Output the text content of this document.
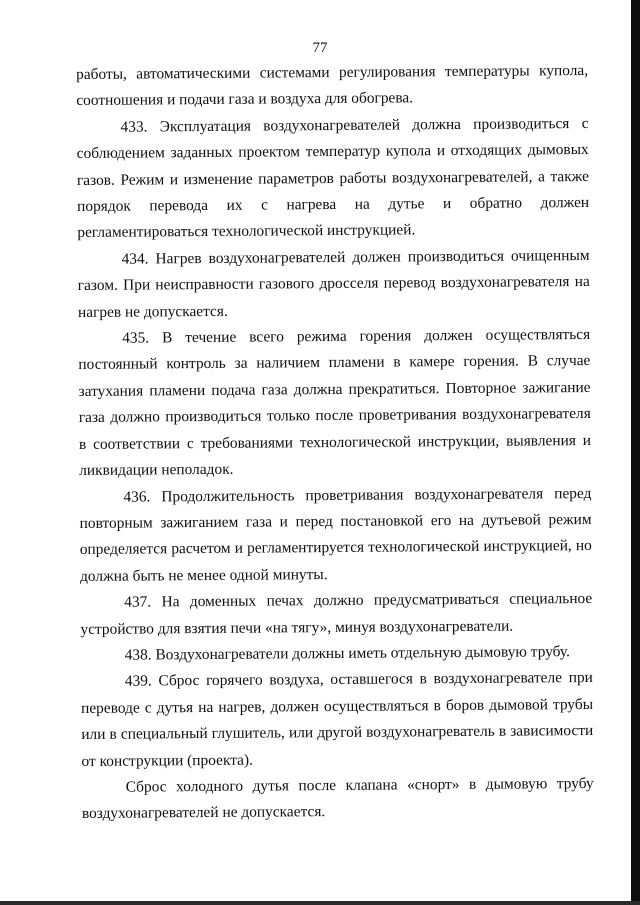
77

работы, автоматическими системами регулирования температуры купола, соотношения и подачи газа и воздуха для обогрева.

433. Эксплуатация воздухонагревателей должна производиться с соблюдением заданных проектом температур купола и отходящих дымовых газов. Режим и изменение параметров работы воздухонагревателей, а также порядок перевода их с нагрева на дутье и обратно должен регламентироваться технологической инструкцией.

434. Нагрев воздухонагревателей должен производиться очищенным газом. При неисправности газового дросселя перевод воздухонагревателя на нагрев не допускается.

435. В течение всего режима горения должен осуществляться постоянный контроль за наличием пламени в камере горения. В случае затухания пламени подача газа должна прекратиться. Повторное зажигание газа должно производиться только после проветривания воздухонагревателя в соответствии с требованиями технологической инструкции, выявления и ликвидации неполадок.

436. Продолжительность проветривания воздухонагревателя перед повторным зажиганием газа и перед постановкой его на дутьевой режим определяется расчетом и регламентируется технологической инструкцией, но должна быть не менее одной минуты.

437. На доменных печах должно предусматриваться специальное устройство для взятия печи «на тягу», минуя воздухонагреватели.

438. Воздухонагреватели должны иметь отдельную дымовую трубу.

439. Сброс горячего воздуха, оставшегося в воздухонагревателе при переводе с дутья на нагрев, должен осуществляться в боров дымовой трубы или в специальный глушитель, или другой воздухонагреватель в зависимости от конструкции (проекта).

Сброс холодного дутья после клапана «снорт» в дымовую трубу воздухонагревателей не допускается.
